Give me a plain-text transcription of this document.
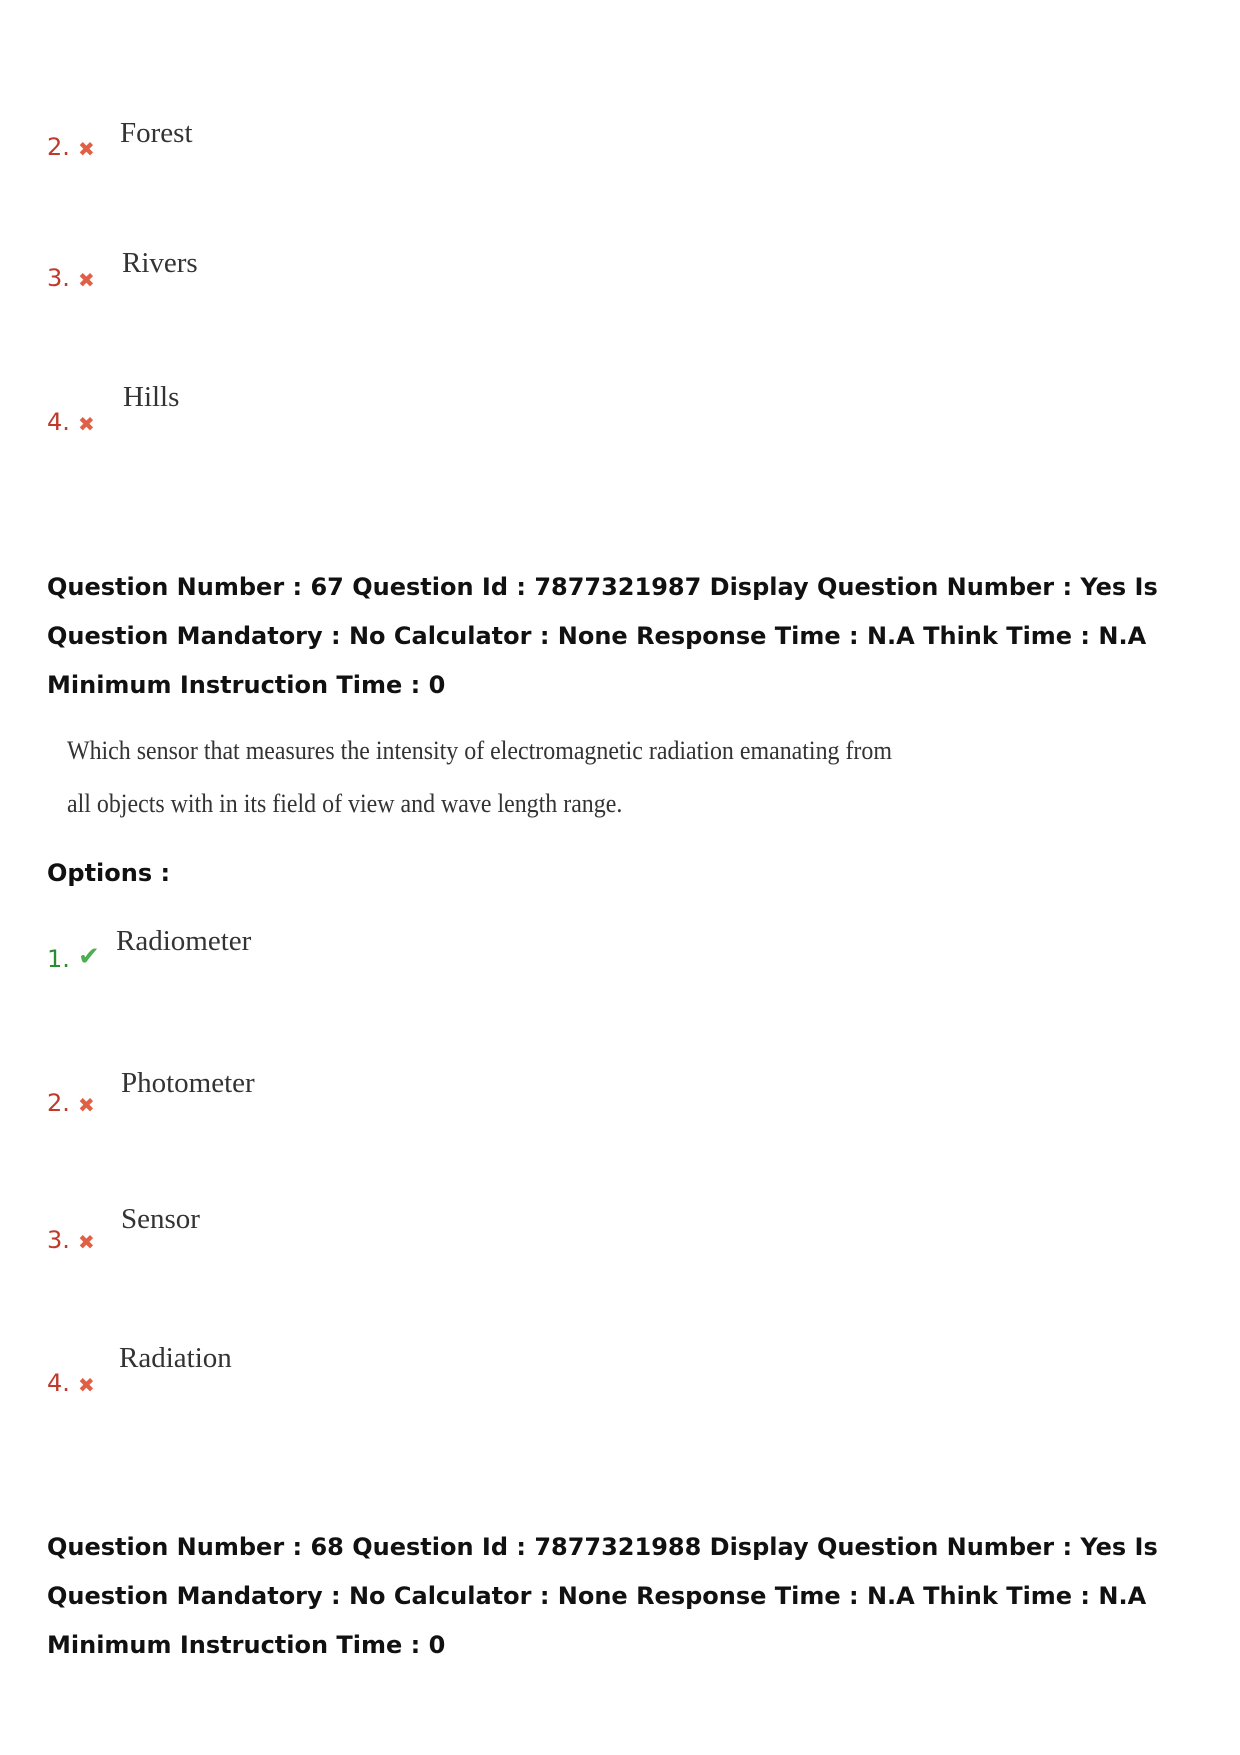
2. ✖ Forest
3. ✖
Rivers
4. ✖
Hills
Question Number : 67 Question Id : 7877321987 Display Question Number : Yes Is Question Mandatory : No Calculator : None Response Time : N.A Think Time : N.A Minimum Instruction Time : 0
Which sensor that measures the intensity of electromagnetic radiation emanating from all objects with in its field of view and wave length range.
Options :
1. ✔ Radiometer
2. ✖
Photometer
3. ✖
Sensor
4. ✖
Radiation
Question Number : 68 Question Id : 7877321988 Display Question Number : Yes Is Question Mandatory : No Calculator : None Response Time : N.A Think Time : N.A Minimum Instruction Time : 0
